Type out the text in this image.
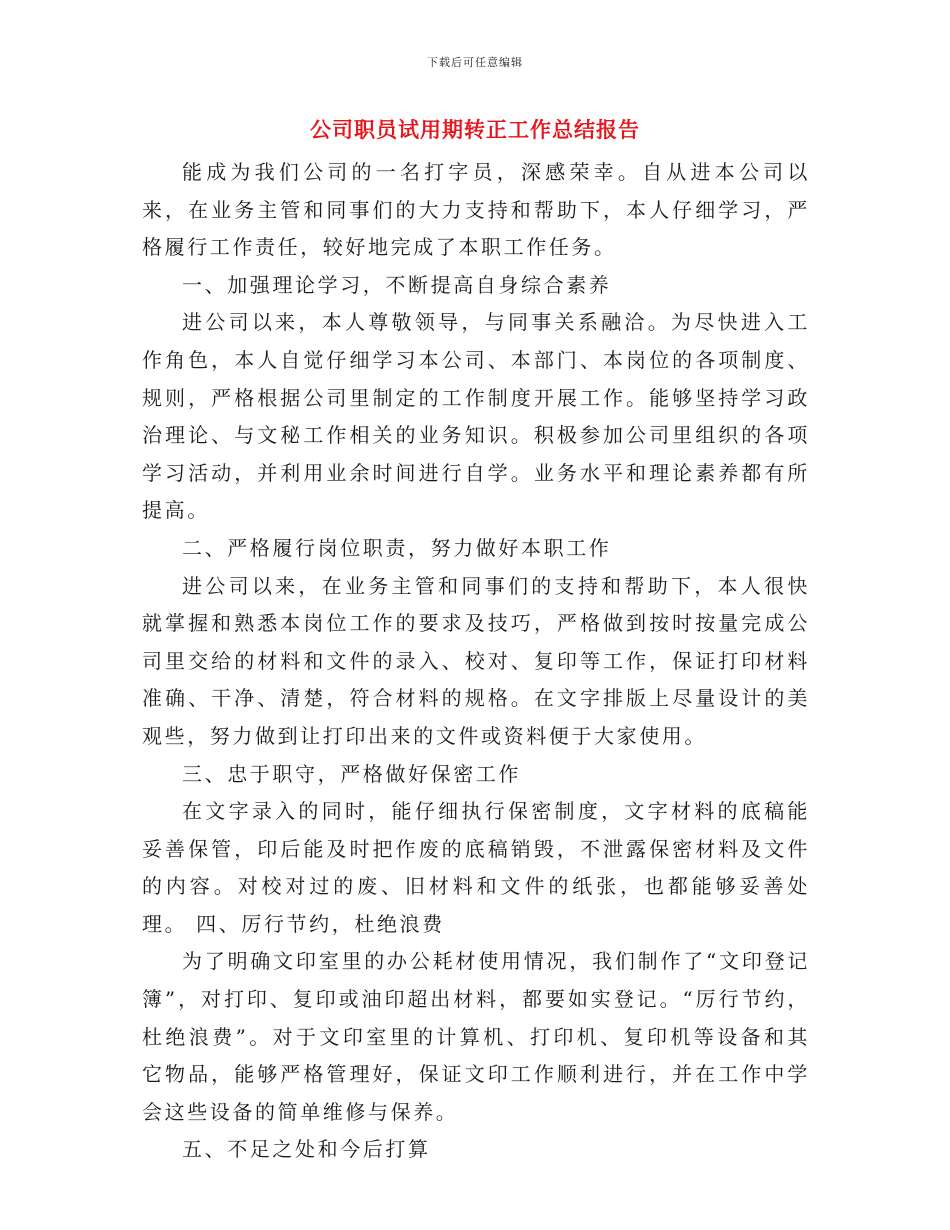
下载后可任意编辑
公司职员试用期转正工作总结报告

能成为我们公司的一名打字员，深感荣幸。自从进本公司以来，在业务主管和同事们的大力支持和帮助下，本人仔细学习，严格履行工作责任，较好地完成了本职工作任务。

一、加强理论学习，不断提高自身综合素养

进公司以来，本人尊敬领导，与同事关系融洽。为尽快进入工作角色，本人自觉仔细学习本公司、本部门、本岗位的各项制度、规则，严格根据公司里制定的工作制度开展工作。能够坚持学习政治理论、与文秘工作相关的业务知识。积极参加公司里组织的各项学习活动，并利用业余时间进行自学。业务水平和理论素养都有所提高。

二、严格履行岗位职责，努力做好本职工作

进公司以来，在业务主管和同事们的支持和帮助下，本人很快就掌握和熟悉本岗位工作的要求及技巧，严格做到按时按量完成公司里交给的材料和文件的录入、校对、复印等工作，保证打印材料准确、干净、清楚，符合材料的规格。在文字排版上尽量设计的美观些，努力做到让打印出来的文件或资料便于大家使用。

三、忠于职守，严格做好保密工作

在文字录入的同时，能仔细执行保密制度，文字材料的底稿能妥善保管，印后能及时把作废的底稿销毁，不泄露保密材料及文件的内容。对校对过的废、旧材料和文件的纸张，也都能够妥善处理。 四、厉行节约，杜绝浪费

为了明确文印室里的办公耗材使用情况，我们制作了“文印登记簿”，对打印、复印或油印超出材料，都要如实登记。“厉行节约，杜绝浪费”。对于文印室里的计算机、打印机、复印机等设备和其它物品，能够严格管理好，保证文印工作顺利进行，并在工作中学会这些设备的简单维修与保养。

五、不足之处和今后打算
